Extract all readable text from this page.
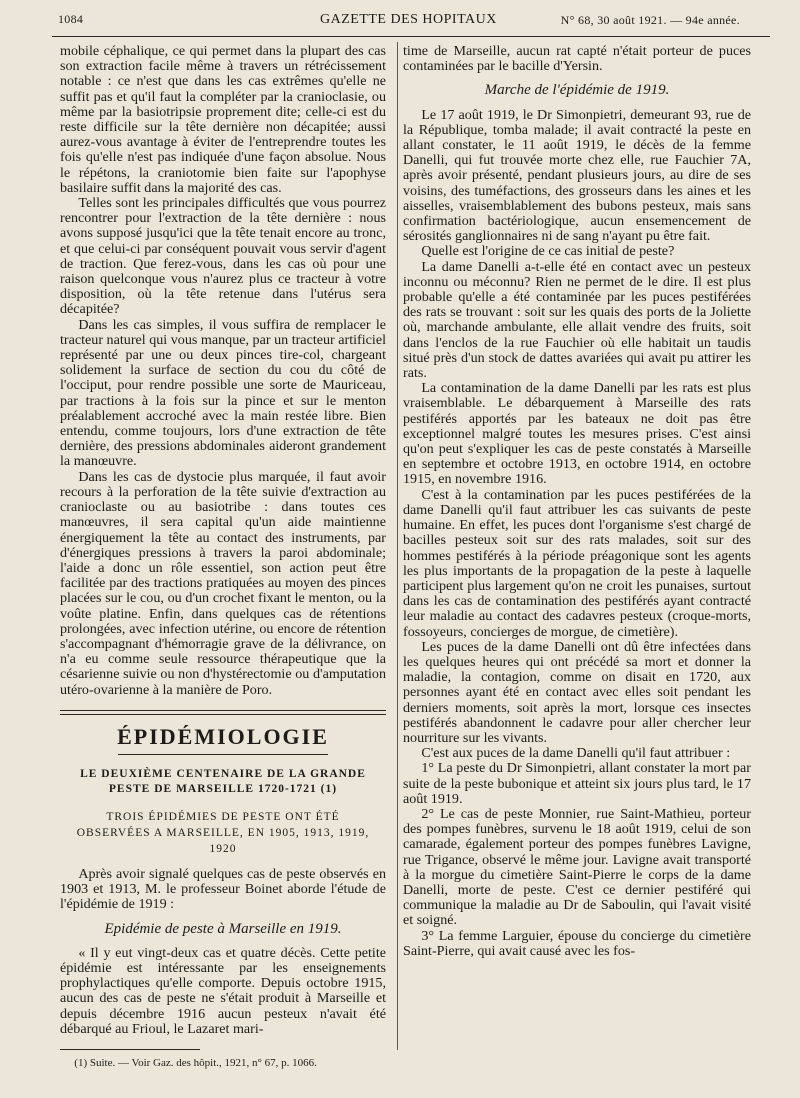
1084	GAZETTE DES HOPITAUX	N° 68, 30 août 1921. — 94e année.

mobile céphalique, ce qui permet dans la plupart des cas son extraction facile même à travers un rétrécissement notable : ce n'est que dans les cas extrêmes qu'elle ne suffit pas et qu'il faut la compléter par la cranioclasie, ou même par la basiotripsie proprement dite; celle-ci est du reste difficile sur la tête dernière non décapitée; aussi aurez-vous avantage à éviter de l'entreprendre toutes les fois qu'elle n'est pas indiquée d'une façon absolue. Nous le répétons, la craniotomie bien faite sur l'apophyse basilaire suffit dans la majorité des cas.

Telles sont les principales difficultés que vous pourrez rencontrer pour l'extraction de la tête dernière : nous avons supposé jusqu'ici que la tête tenait encore au tronc, et que celui-ci par conséquent pouvait vous servir d'agent de traction. Que ferez-vous, dans les cas où pour une raison quelconque vous n'aurez plus ce tracteur à votre disposition, où la tête retenue dans l'utérus sera décapitée?

Dans les cas simples, il vous suffira de remplacer le tracteur naturel qui vous manque, par un tracteur artificiel représenté par une ou deux pinces tire-col, chargeant solidement la surface de section du cou du côté de l'occiput, pour rendre possible une sorte de Mauriceau, par tractions à la fois sur la pince et sur le menton préalablement accroché avec la main restée libre. Bien entendu, comme toujours, lors d'une extraction de tête dernière, des pressions abdominales aideront grandement la manœuvre.

Dans les cas de dystocie plus marquée, il faut avoir recours à la perforation de la tête suivie d'extraction au cranioclaste ou au basiotribe : dans toutes ces manœuvres, il sera capital qu'un aide maintienne énergiquement la tête au contact des instruments, par d'énergiques pressions à travers la paroi abdominale; l'aide a donc un rôle essentiel, son action peut être facilitée par des tractions pratiquées au moyen des pinces placées sur le cou, ou d'un crochet fixant le menton, ou la voûte platine. Enfin, dans quelques cas de rétentions prolongées, avec infection utérine, ou encore de rétention s'accompagnant d'hémorragie grave de la délivrance, on n'a eu comme seule ressource thérapeutique que la césarienne suivie ou non d'hystérectomie ou d'amputation utéro-ovarienne à la manière de Poro.

ÉPIDÉMIOLOGIE
LE DEUXIÈME CENTENAIRE DE LA GRANDE PESTE DE MARSEILLE 1720-1721 (1)
TROIS ÉPIDÉMIES DE PESTE ONT ÉTÉ OBSERVÉES A MARSEILLE, EN 1905, 1913, 1919, 1920

Après avoir signalé quelques cas de peste observés en 1903 et 1913, M. le professeur Boinet aborde l'étude de l'épidémie de 1919 :

Epidémie de peste à Marseille en 1919.

« Il y eut vingt-deux cas et quatre décès. Cette petite épidémie est intéressante par les enseignements prophylactiques qu'elle comporte. Depuis octobre 1915, aucun des cas de peste ne s'était produit à Marseille et depuis décembre 1916 aucun pesteux n'avait été débarqué au Frioul, le Lazaret mari-

(1) Suite. — Voir Gaz. des hôpit., 1921, n° 67, p. 1066.

time de Marseille, aucun rat capté n'était porteur de puces contaminées par le bacille d'Yersin.

Marche de l'épidémie de 1919.

Le 17 août 1919, le Dr Simonpietri, demeurant 93, rue de la République, tomba malade; il avait contracté la peste en allant constater, le 11 août 1919, le décès de la femme Danelli, qui fut trouvée morte chez elle, rue Fauchier 7A, après avoir présenté, pendant plusieurs jours, au dire de ses voisins, des tuméfactions, des grosseurs dans les aines et les aisselles, vraisemblablement des bubons pesteux, mais sans confirmation bactériologique, aucun ensemencement de sérosités ganglionnaires ni de sang n'ayant pu être fait.

Quelle est l'origine de ce cas initial de peste?

La dame Danelli a-t-elle été en contact avec un pesteux inconnu ou méconnu? Rien ne permet de le dire. Il est plus probable qu'elle a été contaminée par les puces pestiférées des rats se trouvant : soit sur les quais des ports de la Joliette où, marchande ambulante, elle allait vendre des fruits, soit dans l'enclos de la rue Fauchier où elle habitait un taudis situé près d'un stock de dattes avariées qui avait pu attirer les rats.

La contamination de la dame Danelli par les rats est plus vraisemblable. Le débarquement à Marseille des rats pestiférés apportés par les bateaux ne doit pas être exceptionnel malgré toutes les mesures prises. C'est ainsi qu'on peut s'expliquer les cas de peste constatés à Marseille en septembre et octobre 1913, en octobre 1914, en octobre 1915, en novembre 1916.

C'est à la contamination par les puces pestiférées de la dame Danelli qu'il faut attribuer les cas suivants de peste humaine. En effet, les puces dont l'organisme s'est chargé de bacilles pesteux soit sur des rats malades, soit sur des hommes pestiférés à la période préagonique sont les agents les plus importants de la propagation de la peste à laquelle participent plus largement qu'on ne croit les punaises, surtout dans les cas de contamination des pestiférés ayant contracté leur maladie au contact des cadavres pesteux (croque-morts, fossoyeurs, concierges de morgue, de cimetière).

Les puces de la dame Danelli ont dû être infectées dans les quelques heures qui ont précédé sa mort et donner la maladie, la contagion, comme on disait en 1720, aux personnes ayant été en contact avec elles soit pendant les derniers moments, soit après la mort, lorsque ces insectes pestiférés abandonnent le cadavre pour aller chercher leur nourriture sur les vivants.

C'est aux puces de la dame Danelli qu'il faut attribuer :

1° La peste du Dr Simonpietri, allant constater la mort par suite de la peste bubonique et atteint six jours plus tard, le 17 août 1919.

2° Le cas de peste Monnier, rue Saint-Mathieu, porteur des pompes funèbres, survenu le 18 août 1919, celui de son camarade, également porteur des pompes funèbres Lavigne, rue Trigance, observé le même jour. Lavigne avait transporté à la morgue du cimetière Saint-Pierre le corps de la dame Danelli, morte de peste. C'est ce dernier pestiféré qui communique la maladie au Dr de Saboulin, qui l'avait visité et soigné.

3° La femme Larguier, épouse du concierge du cimetière Saint-Pierre, qui avait causé avec les fos-
